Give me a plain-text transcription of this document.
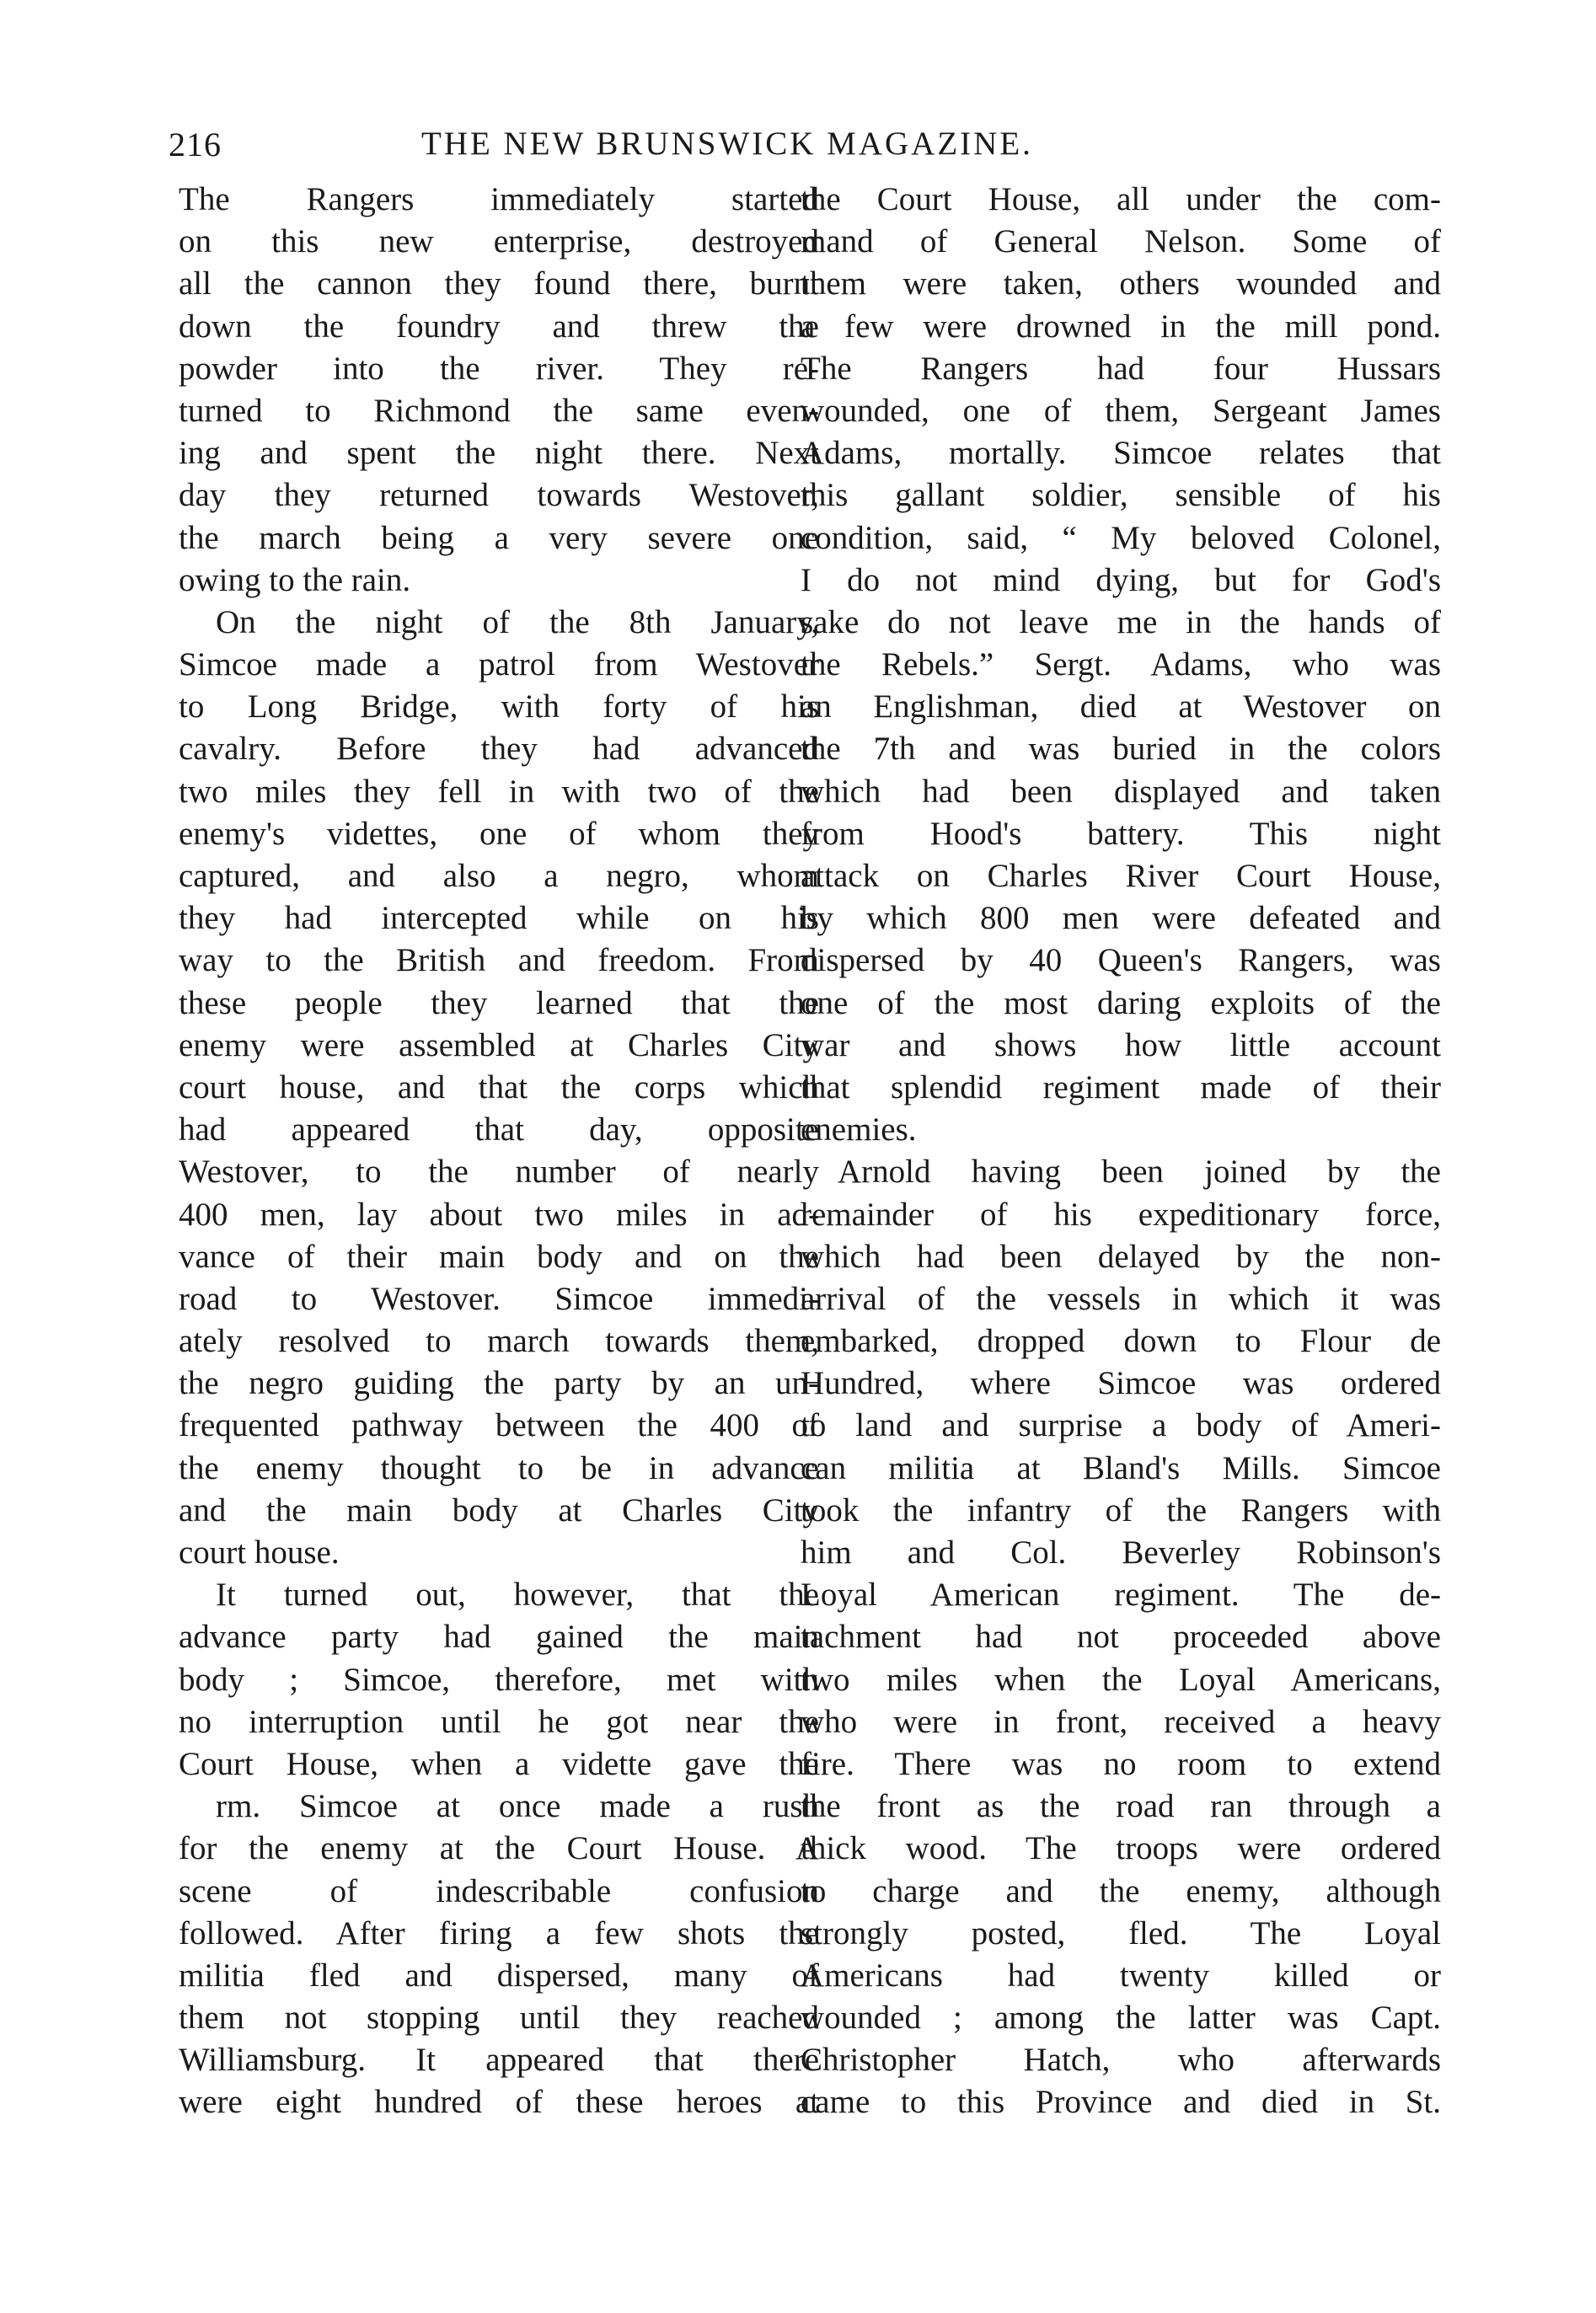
216	THE NEW BRUNSWICK MAGAZINE.
The Rangers immediately started
on this new enterprise, destroyed
all the cannon they found there, burnt
down the foundry and threw the
powder into the river. They re-
turned to Richmond the same even-
ing and spent the night there. Next
day they returned towards Westover,
the march being a very severe one
owing to the rain.
On the night of the 8th January,
Simcoe made a patrol from Westover
to Long Bridge, with forty of his
cavalry. Before they had advanced
two miles they fell in with two of the
enemy's videttes, one of whom they
captured, and also a negro, whom
they had intercepted while on his
way to the British and freedom. From
these people they learned that the
enemy were assembled at Charles City
court house, and that the corps which
had appeared that day, opposite
Westover, to the number of nearly
400 men, lay about two miles in ad-
vance of their main body and on the
road to Westover. Simcoe immedi-
ately resolved to march towards them,
the negro guiding the party by an un-
frequented pathway between the 400 of
the enemy thought to be in advance
and the main body at Charles City
court house.
It turned out, however, that the
advance party had gained the main
body ; Simcoe, therefore, met with
no interruption until he got near the
Court House, when a vidette gave the
rm. Simcoe at once made a rush
for the enemy at the Court House. A
scene of indescribable confusion
followed. After firing a few shots the
militia fled and dispersed, many of
them not stopping until they reached
Williamsburg. It appeared that there
were eight hundred of these heroes at
the Court House, all under the com-
mand of General Nelson. Some of
them were taken, others wounded and
a few were drowned in the mill pond.
The Rangers had four Hussars
wounded, one of them, Sergeant James
Adams, mortally. Simcoe relates that
this gallant soldier, sensible of his
condition, said, “ My beloved Colonel,
I do not mind dying, but for God's
sake do not leave me in the hands of
the Rebels.” Sergt. Adams, who was
an Englishman, died at Westover on
the 7th and was buried in the colors
which had been displayed and taken
from Hood's battery. This night
attack on Charles River Court House,
by which 800 men were defeated and
dispersed by 40 Queen's Rangers, was
one of the most daring exploits of the
war and shows how little account
that splendid regiment made of their
enemies.
Arnold having been joined by the
remainder of his expeditionary force,
which had been delayed by the non-
arrival of the vessels in which it was
embarked, dropped down to Flour de
Hundred, where Simcoe was ordered
to land and surprise a body of Ameri-
can militia at Bland's Mills. Simcoe
took the infantry of the Rangers with
him and Col. Beverley Robinson's
Loyal American regiment. The de-
tachment had not proceeded above
two miles when the Loyal Americans,
who were in front, received a heavy
fire. There was no room to extend
the front as the road ran through a
thick wood. The troops were ordered
to charge and the enemy, although
strongly posted, fled. The Loyal
Americans had twenty killed or
wounded ; among the latter was Capt.
Christopher Hatch, who afterwards
came to this Province and died in St.
